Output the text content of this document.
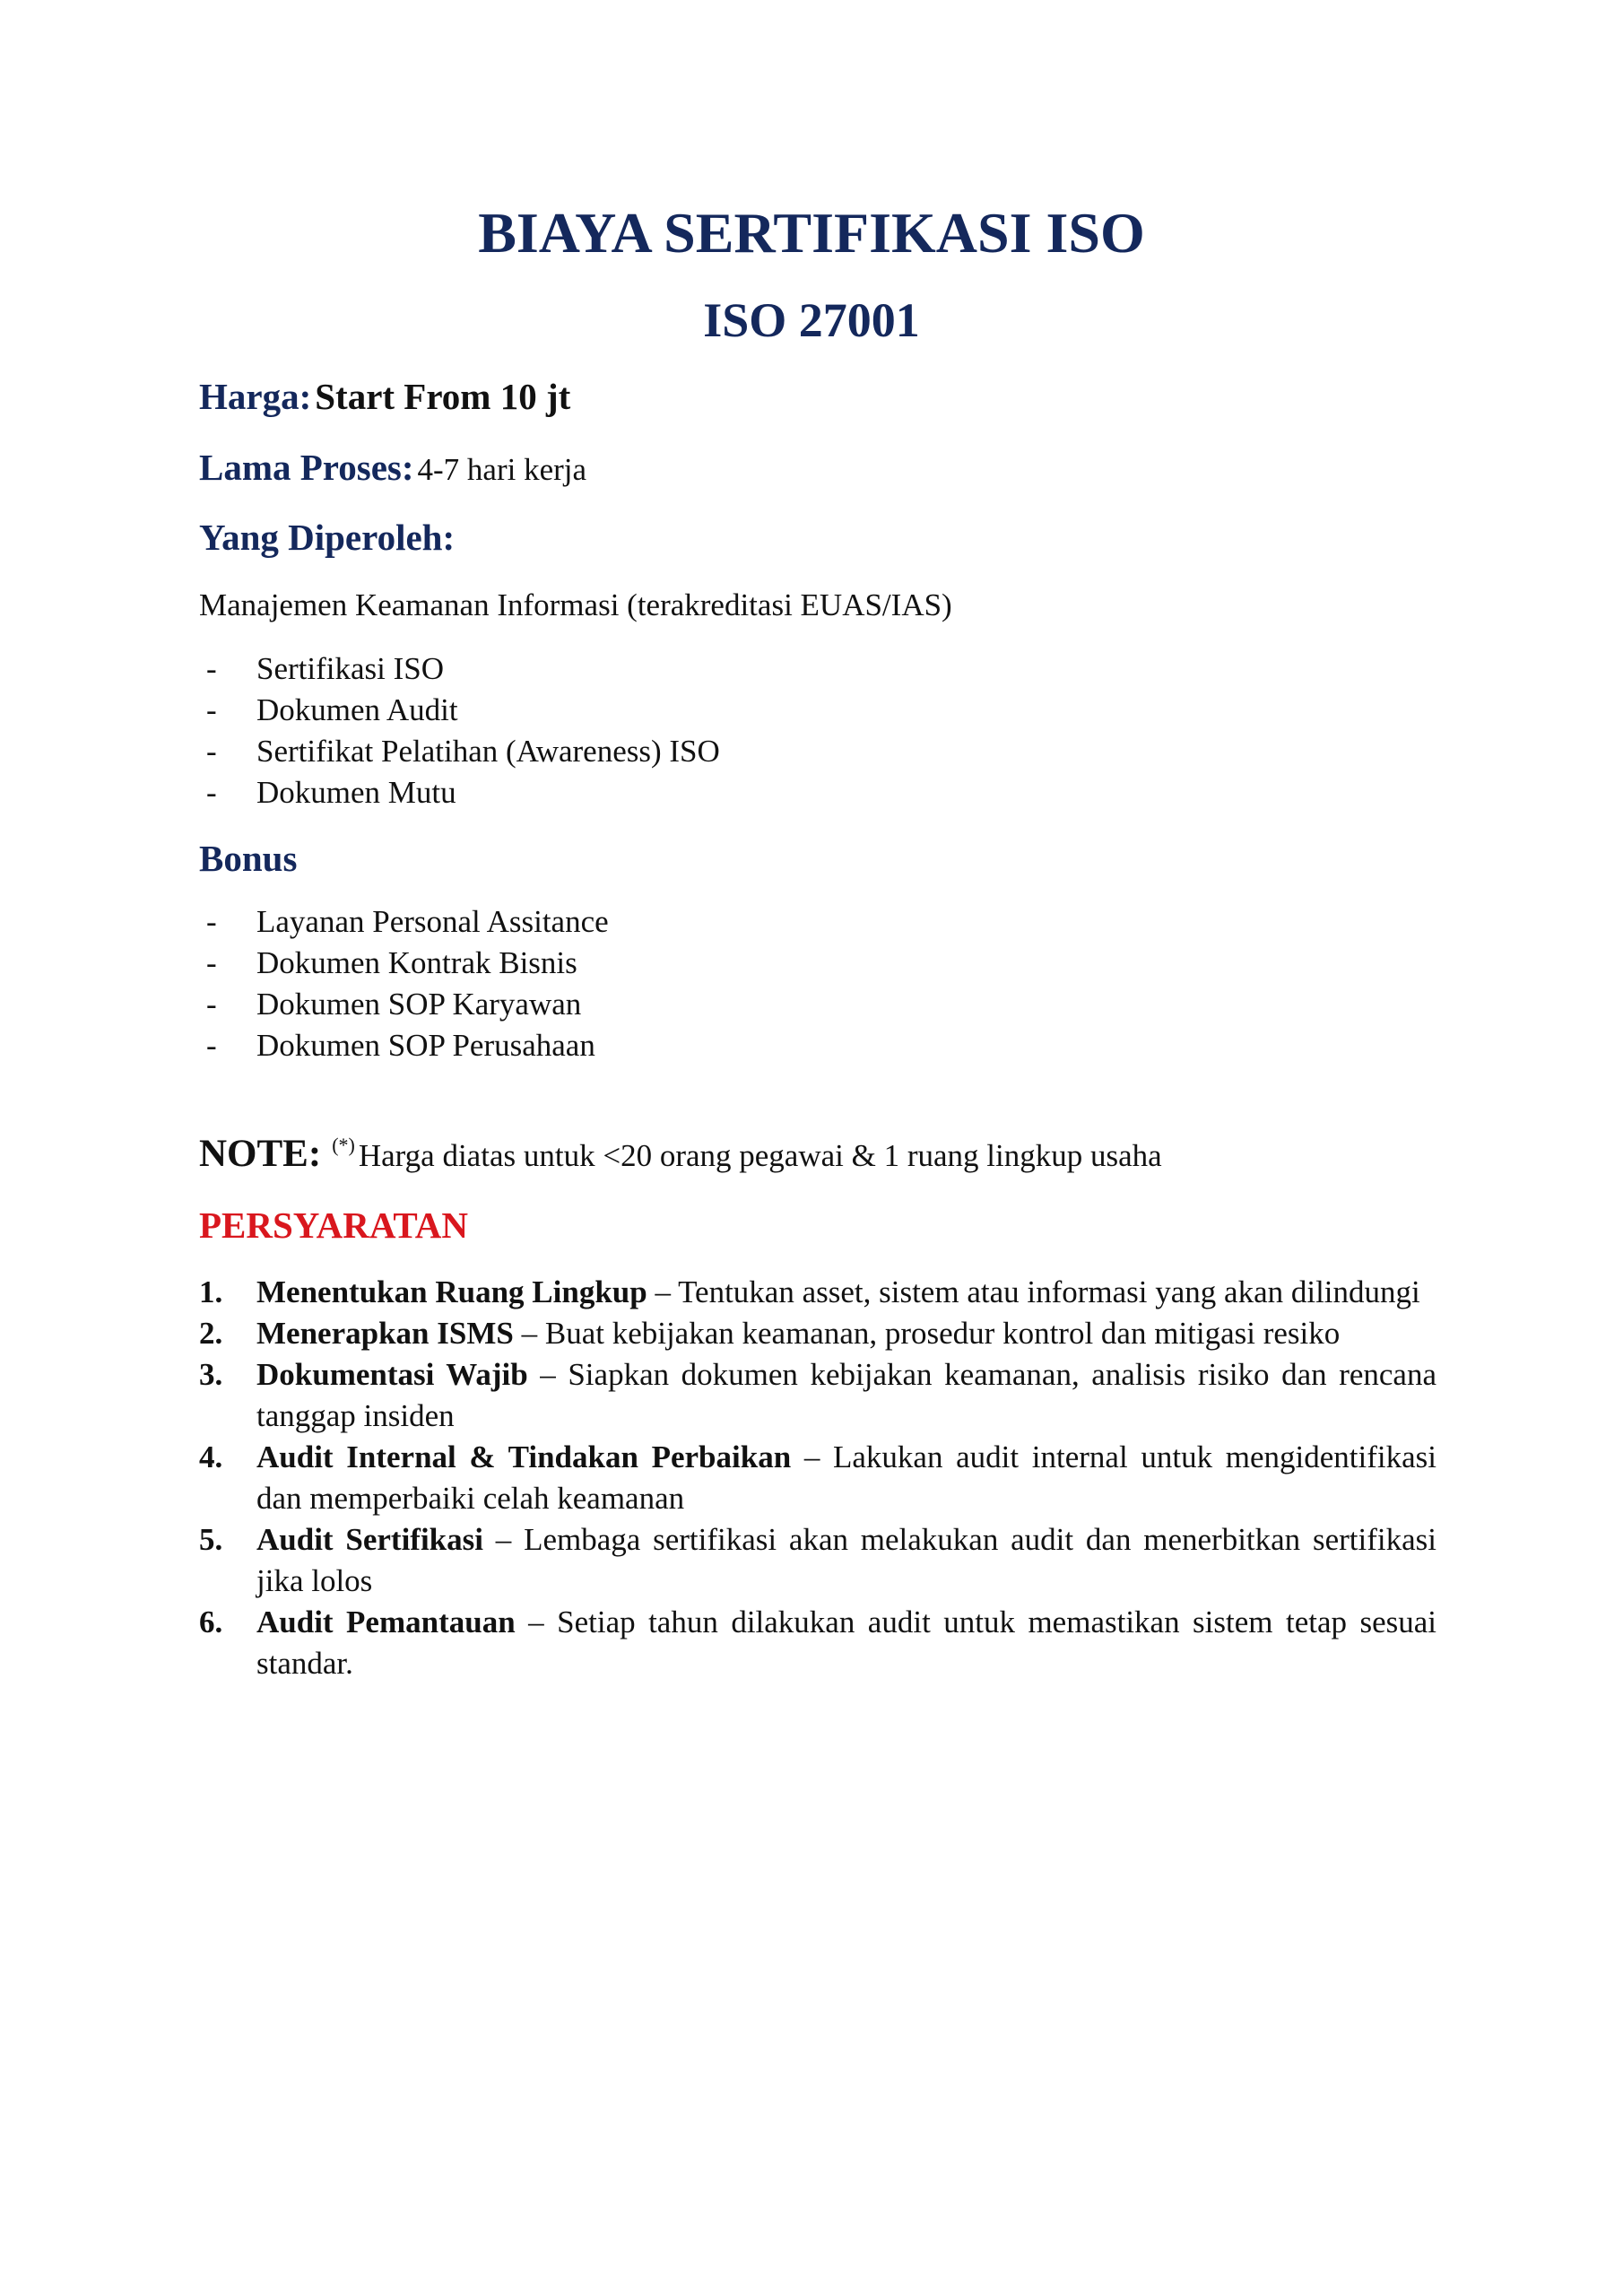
BIAYA SERTIFIKASI ISO
ISO 27001
Harga: Start From 10 jt
Lama Proses: 4-7 hari kerja
Yang Diperoleh:
Manajemen Keamanan Informasi (terakreditasi EUAS/IAS)
- Sertifikasi ISO
- Dokumen Audit
- Sertifikat Pelatihan (Awareness) ISO
- Dokumen Mutu
Bonus
- Layanan Personal Assitance
- Dokumen Kontrak Bisnis
- Dokumen SOP Karyawan
- Dokumen SOP Perusahaan
NOTE: (*) Harga diatas untuk <20 orang pegawai & 1 ruang lingkup usaha
PERSYARATAN
1. Menentukan Ruang Lingkup – Tentukan asset, sistem atau informasi yang akan dilindungi
2. Menerapkan ISMS – Buat kebijakan keamanan, prosedur kontrol dan mitigasi resiko
3. Dokumentasi Wajib – Siapkan dokumen kebijakan keamanan, analisis risiko dan rencana tanggap insiden
4. Audit Internal & Tindakan Perbaikan – Lakukan audit internal untuk mengidentifikasi dan memperbaiki celah keamanan
5. Audit Sertifikasi – Lembaga sertifikasi akan melakukan audit dan menerbitkan sertifikasi jika lolos
6. Audit Pemantauan – Setiap tahun dilakukan audit untuk memastikan sistem tetap sesuai standar.
